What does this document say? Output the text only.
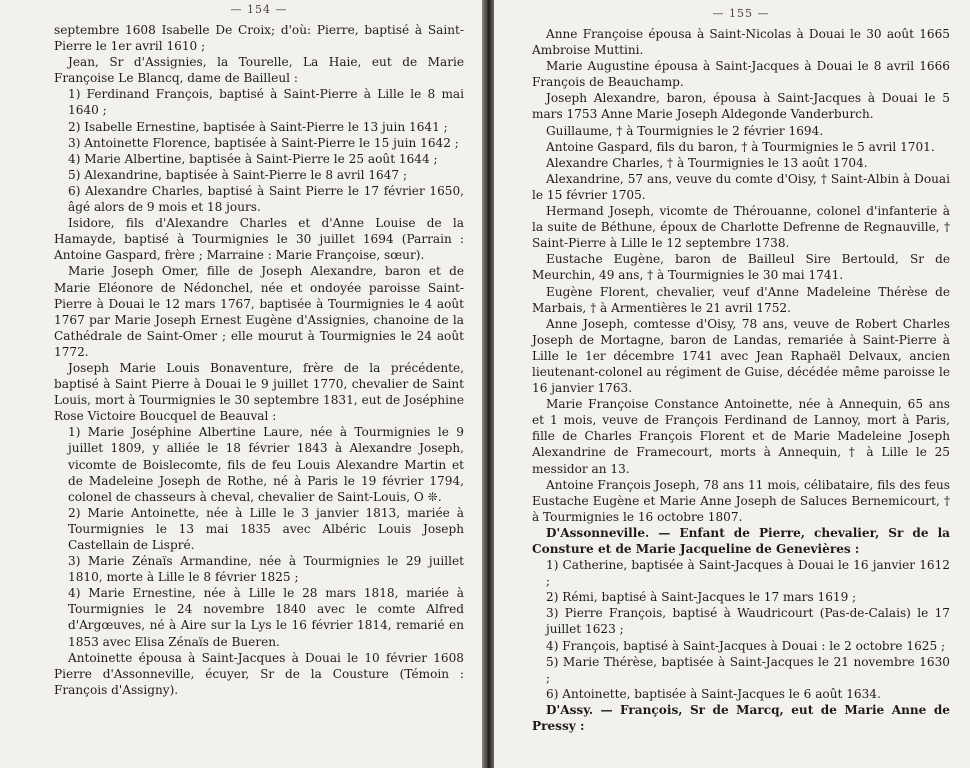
— 154 —

septembre 1608 Isabelle De Croix; d'où: Pierre, baptisé à Saint-Pierre le 1er avril 1610 ;

Jean, Sr d'Assignies, la Tourelle, La Haie, eut de Marie Françoise Le Blancq, dame de Bailleul :

1) Ferdinand François, baptisé à Saint-Pierre à Lille le 8 mai 1640 ;

2) Isabelle Ernestine, baptisée à Saint-Pierre le 13 juin 1641 ;

3) Antoinette Florence, baptisée à Saint-Pierre le 15 juin 1642 ;

4) Marie Albertine, baptisée à Saint-Pierre le 25 août 1644 ;

5) Alexandrine, baptisée à Saint-Pierre le 8 avril 1647 ;

6) Alexandre Charles, baptisé à Saint Pierre le 17 février 1650, âgé alors de 9 mois et 18 jours.

Isidore, fils d'Alexandre Charles et d'Anne Louise de la Hamayde, baptisé à Tourmignies le 30 juillet 1694 (Parrain : Antoine Gaspard, frère ; Marraine : Marie Françoise, sœur).

Marie Joseph Omer, fille de Joseph Alexandre, baron et de Marie Eléonore de Nédonchel, née et ondoyée paroisse Saint-Pierre à Douai le 12 mars 1767, baptisée à Tourmignies le 4 août 1767 par Marie Joseph Ernest Eugène d'Assignies, chanoine de la Cathédrale de Saint-Omer ; elle mourut à Tourmignies le 24 août 1772.

Joseph Marie Louis Bonaventure, frère de la précédente, baptisé à Saint Pierre à Douai le 9 juillet 1770, chevalier de Saint Louis, mort à Tourmignies le 30 septembre 1831, eut de Joséphine Rose Victoire Boucquel de Beauval :

1) Marie Joséphine Albertine Laure, née à Tourmignies le 9 juillet 1809, y alliée le 18 février 1843 à Alexandre Joseph, vicomte de Boislecomte, fils de feu Louis Alexandre Martin et de Madeleine Joseph de Rothe, né à Paris le 19 février 1794, colonel de chasseurs à cheval, chevalier de Saint-Louis, O ❊.

2) Marie Antoinette, née à Lille le 3 janvier 1813, mariée à Tourmignies le 13 mai 1835 avec Albéric Louis Joseph Castellain de Lispré.

3) Marie Zénaïs Armandine, née à Tourmignies le 29 juillet 1810, morte à Lille le 8 février 1825 ;

4) Marie Ernestine, née à Lille le 28 mars 1818, mariée à Tourmignies le 24 novembre 1840 avec le comte Alfred d'Argœuves, né à Aire sur la Lys le 16 février 1814, remarié en 1853 avec Elisa Zénaïs de Bueren.

Antoinette épousa à Saint-Jacques à Douai le 10 février 1608 Pierre d'Assonneville, écuyer, Sr de la Cousture (Témoin : François d'Assigny).

— 155 —

Anne Françoise épousa à Saint-Nicolas à Douai le 30 août 1665 Ambroise Muttini.

Marie Augustine épousa à Saint-Jacques à Douai le 8 avril 1666 François de Beauchamp.

Joseph Alexandre, baron, épousa à Saint-Jacques à Douai le 5 mars 1753 Anne Marie Joseph Aldegonde Vanderburch.

Guillaume, † à Tourmignies le 2 février 1694.

Antoine Gaspard, fils du baron, † à Tourmignies le 5 avril 1701.

Alexandre Charles, † à Tourmignies le 13 août 1704.

Alexandrine, 57 ans, veuve du comte d'Oisy, † Saint-Albin à Douai le 15 février 1705.

Hermand Joseph, vicomte de Thérouanne, colonel d'infanterie à la suite de Béthune, époux de Charlotte Defrenne de Regnauville, † Saint-Pierre à Lille le 12 septembre 1738.

Eustache Eugène, baron de Bailleul Sire Bertould, Sr de Meurchin, 49 ans, † à Tourmignies le 30 mai 1741.

Eugène Florent, chevalier, veuf d'Anne Madeleine Thérèse de Marbais, † à Armentières le 21 avril 1752.

Anne Joseph, comtesse d'Oisy, 78 ans, veuve de Robert Charles Joseph de Mortagne, baron de Landas, remariée à Saint-Pierre à Lille le 1er décembre 1741 avec Jean Raphaël Delvaux, ancien lieutenant-colonel au régiment de Guise, décédée même paroisse le 16 janvier 1763.

Marie Françoise Constance Antoinette, née à Annequin, 65 ans et 1 mois, veuve de François Ferdinand de Lannoy, mort à Paris, fille de Charles François Florent et de Marie Madeleine Joseph Alexandrine de Framecourt, morts à Annequin, † à Lille le 25 messidor an 13.

Antoine François Joseph, 78 ans 11 mois, célibataire, fils des feus Eustache Eugène et Marie Anne Joseph de Saluces Bernemicourt, † à Tourmignies le 16 octobre 1807.

D'Assonneville. — Enfant de Pierre, chevalier, Sr de la Consture et de Marie Jacqueline de Genevières :

1) Catherine, baptisée à Saint-Jacques à Douai le 16 janvier 1612 ;

2) Rémi, baptisé à Saint-Jacques le 17 mars 1619 ;

3) Pierre François, baptisé à Waudricourt (Pas-de-Calais) le 17 juillet 1623 ;

4) François, baptisé à Saint-Jacques à Douai : le 2 octobre 1625 ;

5) Marie Thérèse, baptisée à Saint-Jacques le 21 novembre 1630 ;

6) Antoinette, baptisée à Saint-Jacques le 6 août 1634.

D'Assy. — François, Sr de Marcq, eut de Marie Anne de Pressy :
